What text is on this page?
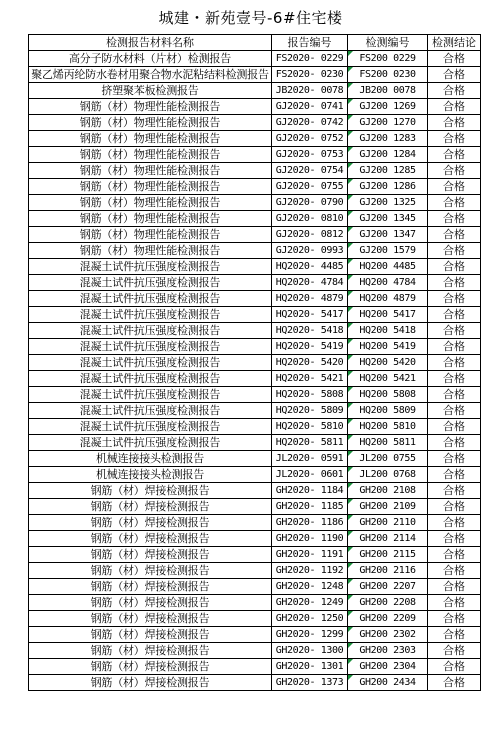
城建・新苑壹号-6#住宅楼
检测报告材料名称	报告编号	检测编号	检测结论
高分子防水材料（片材）检测报告	FS2020- 0229	FS200 0229	合格
聚乙烯丙纶防水卷材用聚合物水泥粘结料检测报告	FS2020- 0230	FS200 0230	合格
挤塑聚苯板检测报告	JB2020- 0078	JB200 0078	合格
钢筋（材）物理性能检测报告	GJ2020- 0741	GJ200 1269	合格
钢筋（材）物理性能检测报告	GJ2020- 0742	GJ200 1270	合格
钢筋（材）物理性能检测报告	GJ2020- 0752	GJ200 1283	合格
钢筋（材）物理性能检测报告	GJ2020- 0753	GJ200 1284	合格
钢筋（材）物理性能检测报告	GJ2020- 0754	GJ200 1285	合格
钢筋（材）物理性能检测报告	GJ2020- 0755	GJ200 1286	合格
钢筋（材）物理性能检测报告	GJ2020- 0790	GJ200 1325	合格
钢筋（材）物理性能检测报告	GJ2020- 0810	GJ200 1345	合格
钢筋（材）物理性能检测报告	GJ2020- 0812	GJ200 1347	合格
钢筋（材）物理性能检测报告	GJ2020- 0993	GJ200 1579	合格
混凝土试件抗压强度检测报告	HQ2020- 4485	HQ200 4485	合格
混凝土试件抗压强度检测报告	HQ2020- 4784	HQ200 4784	合格
混凝土试件抗压强度检测报告	HQ2020- 4879	HQ200 4879	合格
混凝土试件抗压强度检测报告	HQ2020- 5417	HQ200 5417	合格
混凝土试件抗压强度检测报告	HQ2020- 5418	HQ200 5418	合格
混凝土试件抗压强度检测报告	HQ2020- 5419	HQ200 5419	合格
混凝土试件抗压强度检测报告	HQ2020- 5420	HQ200 5420	合格
混凝土试件抗压强度检测报告	HQ2020- 5421	HQ200 5421	合格
混凝土试件抗压强度检测报告	HQ2020- 5808	HQ200 5808	合格
混凝土试件抗压强度检测报告	HQ2020- 5809	HQ200 5809	合格
混凝土试件抗压强度检测报告	HQ2020- 5810	HQ200 5810	合格
混凝土试件抗压强度检测报告	HQ2020- 5811	HQ200 5811	合格
机械连接接头检测报告	JL2020- 0591	JL200 0755	合格
机械连接接头检测报告	JL2020- 0601	JL200 0768	合格
钢筋（材）焊接检测报告	GH2020- 1184	GH200 2108	合格
钢筋（材）焊接检测报告	GH2020- 1185	GH200 2109	合格
钢筋（材）焊接检测报告	GH2020- 1186	GH200 2110	合格
钢筋（材）焊接检测报告	GH2020- 1190	GH200 2114	合格
钢筋（材）焊接检测报告	GH2020- 1191	GH200 2115	合格
钢筋（材）焊接检测报告	GH2020- 1192	GH200 2116	合格
钢筋（材）焊接检测报告	GH2020- 1248	GH200 2207	合格
钢筋（材）焊接检测报告	GH2020- 1249	GH200 2208	合格
钢筋（材）焊接检测报告	GH2020- 1250	GH200 2209	合格
钢筋（材）焊接检测报告	GH2020- 1299	GH200 2302	合格
钢筋（材）焊接检测报告	GH2020- 1300	GH200 2303	合格
钢筋（材）焊接检测报告	GH2020- 1301	GH200 2304	合格
钢筋（材）焊接检测报告	GH2020- 1373	GH200 2434	合格
